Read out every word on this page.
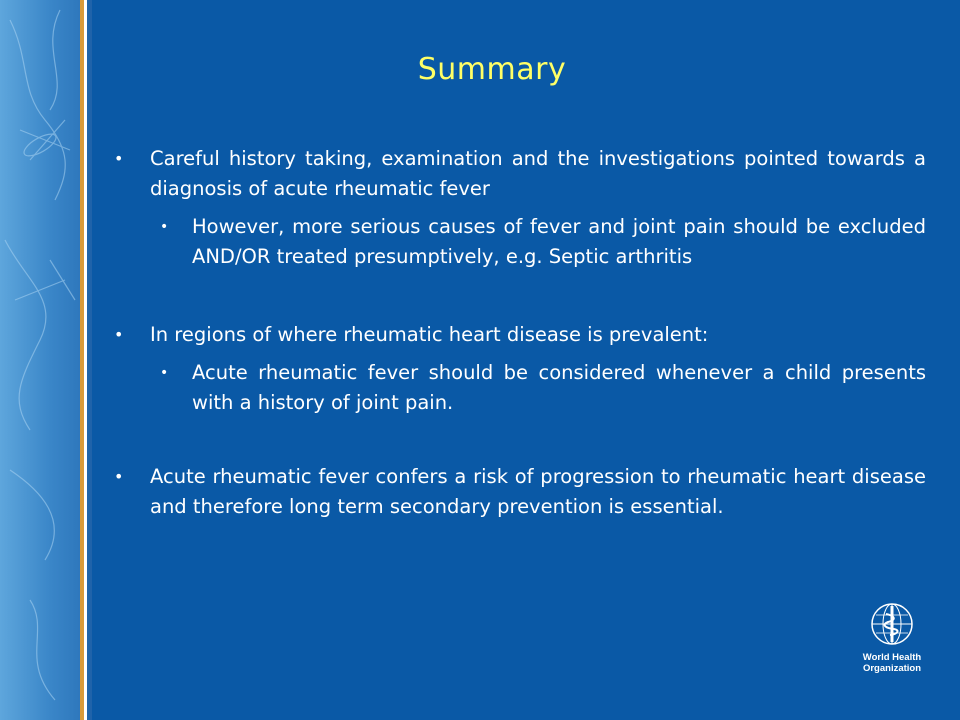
Summary
• Careful history taking, examination and the investigations pointed towards a diagnosis of acute rheumatic fever
• However, more serious causes of fever and joint pain should be excluded AND/OR treated presumptively, e.g. Septic arthritis
• In regions of where rheumatic heart disease is prevalent:
• Acute rheumatic fever should be considered whenever a child presents with a history of joint pain.
• Acute rheumatic fever confers a risk of progression to rheumatic heart disease and therefore long term secondary prevention is essential.
World Health
Organization
